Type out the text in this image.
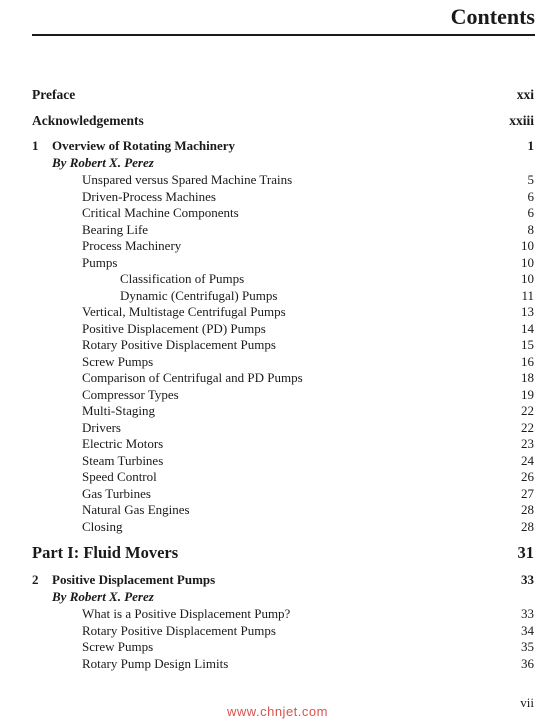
Contents
Preface	xxi
Acknowledgements	xxiii
1 Overview of Rotating Machinery	1
By Robert X. Perez
Unspared versus Spared Machine Trains	5
Driven-Process Machines	6
Critical Machine Components	6
Bearing Life	8
Process Machinery	10
Pumps	10
Classification of Pumps	10
Dynamic (Centrifugal) Pumps	11
Vertical, Multistage Centrifugal Pumps	13
Positive Displacement (PD) Pumps	14
Rotary Positive Displacement Pumps	15
Screw Pumps	16
Comparison of Centrifugal and PD Pumps	18
Compressor Types	19
Multi-Staging	22
Drivers	22
Electric Motors	23
Steam Turbines	24
Speed Control	26
Gas Turbines	27
Natural Gas Engines	28
Closing	28
Part I: Fluid Movers	31
2 Positive Displacement Pumps	33
By Robert X. Perez
What is a Positive Displacement Pump?	33
Rotary Positive Displacement Pumps	34
Screw Pumps	35
Rotary Pump Design Limits	36
vii
www.chnjet.com
